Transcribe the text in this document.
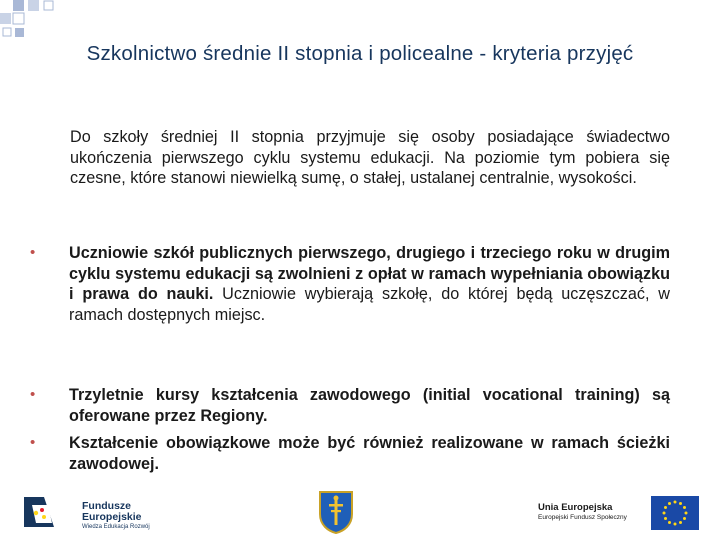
Szkolnictwo średnie II stopnia i policealne - kryteria przyjęć
Do szkoły średniej II stopnia przyjmuje się osoby posiadające świadectwo ukończenia pierwszego cyklu systemu edukacji. Na poziomie tym pobiera się czesne, które stanowi niewielką sumę, o stałej, ustalanej centralnie, wysokości.
• Uczniowie szkół publicznych pierwszego, drugiego i trzeciego roku w drugim cyklu systemu edukacji są zwolnieni z opłat w ramach wypełniania obowiązku i prawa do nauki. Uczniowie wybierają szkołę, do której będą uczęszczać, w ramach dostępnych miejsc.
• Trzyletnie kursy kształcenia zawodowego (initial vocational training) są oferowane przez Regiony.
• Kształcenie obowiązkowe może być również realizowane w ramach ścieżki zawodowej.
Fundusze
Europejskie
Wiedza Edukacja Rozwój
Unia Europejska
Europejski Fundusz Społeczny
